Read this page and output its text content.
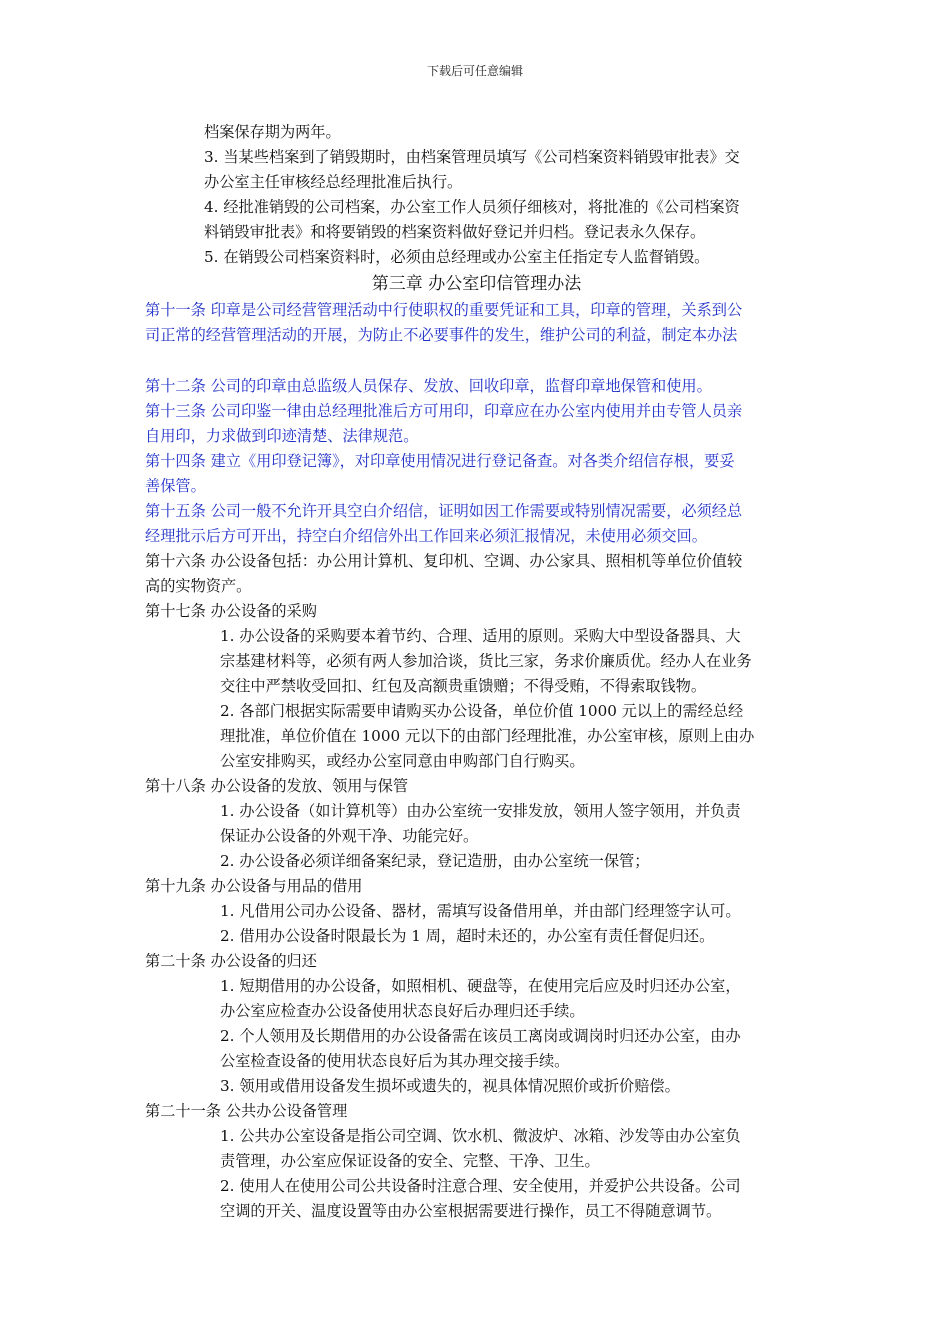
下载后可任意编辑
档案保存期为两年。
3. 当某些档案到了销毁期时，由档案管理员填写《公司档案资料销毁审批表》交
办公室主任审核经总经理批准后执行。
4. 经批准销毁的公司档案，办公室工作人员须仔细核对，将批准的《公司档案资
料销毁审批表》和将要销毁的档案资料做好登记并归档。登记表永久保存。
5. 在销毁公司档案资料时，必须由总经理或办公室主任指定专人监督销毁。
第三章 办公室印信管理办法
第十一条 印章是公司经营管理活动中行使职权的重要凭证和工具，印章的管理，关系到公
司正常的经营管理活动的开展，为防止不必要事件的发生，维护公司的利益，制定本办法
第十二条 公司的印章由总监级人员保存、发放、回收印章，监督印章地保管和使用。
第十三条 公司印鉴一律由总经理批准后方可用印，印章应在办公室内使用并由专管人员亲
自用印，力求做到印迹清楚、法律规范。
第十四条 建立《用印登记簿》，对印章使用情况进行登记备查。对各类介绍信存根，要妥
善保管。
第十五条 公司一般不允许开具空白介绍信，证明如因工作需要或特别情况需要，必须经总
经理批示后方可开出，持空白介绍信外出工作回来必须汇报情况，未使用必须交回。
第十六条 办公设备包括：办公用计算机、复印机、空调、办公家具、照相机等单位价值较
高的实物资产。
第十七条 办公设备的采购
1. 办公设备的采购要本着节约、合理、适用的原则。采购大中型设备器具、大
宗基建材料等，必须有两人参加洽谈，货比三家，务求价廉质优。经办人在业务
交往中严禁收受回扣、红包及高额贵重馈赠；不得受贿，不得索取钱物。
2. 各部门根据实际需要申请购买办公设备，单位价值 1000 元以上的需经总经
理批准，单位价值在 1000 元以下的由部门经理批准，办公室审核，原则上由办
公室安排购买，或经办公室同意由申购部门自行购买。
第十八条 办公设备的发放、领用与保管
1. 办公设备（如计算机等）由办公室统一安排发放，领用人签字领用，并负责
保证办公设备的外观干净、功能完好。
2. 办公设备必须详细备案纪录，登记造册，由办公室统一保管；
第十九条 办公设备与用品的借用
1. 凡借用公司办公设备、器材，需填写设备借用单，并由部门经理签字认可。
2. 借用办公设备时限最长为 1 周，超时未还的，办公室有责任督促归还。
第二十条 办公设备的归还
1. 短期借用的办公设备，如照相机、硬盘等，在使用完后应及时归还办公室，
办公室应检查办公设备使用状态良好后办理归还手续。
2. 个人领用及长期借用的办公设备需在该员工离岗或调岗时归还办公室，由办
公室检查设备的使用状态良好后为其办理交接手续。
3. 领用或借用设备发生损坏或遗失的，视具体情况照价或折价赔偿。
第二十一条 公共办公设备管理
1. 公共办公室设备是指公司空调、饮水机、微波炉、冰箱、沙发等由办公室负
责管理，办公室应保证设备的安全、完整、干净、卫生。
2. 使用人在使用公司公共设备时注意合理、安全使用，并爱护公共设备。公司
空调的开关、温度设置等由办公室根据需要进行操作，员工不得随意调节。
